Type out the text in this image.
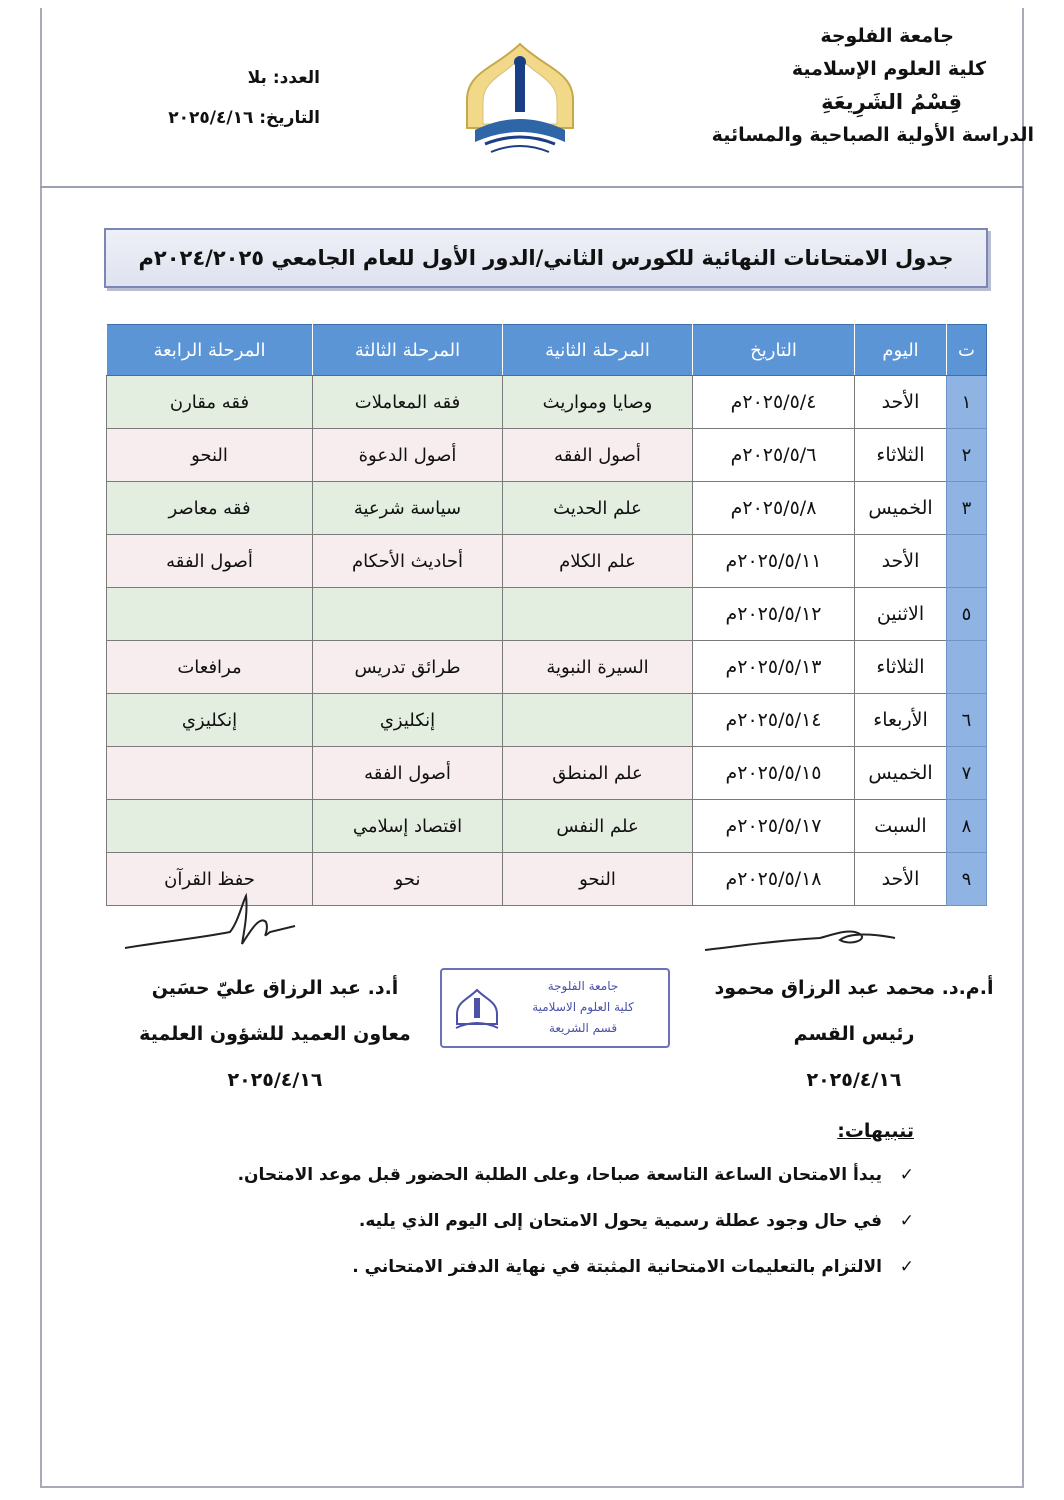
جامعة الفلوجة
كلية العلوم الإسلامية
قِسْمُ الشَرِيعَةِ
الدراسة الأولية الصباحية والمسائية
العدد: بلا
التاريخ: ٢٠٢٥/٤/١٦
جدول الامتحانات النهائية للكورس الثاني/الدور الأول للعام الجامعي ٢٠٢٤/٢٠٢٥م
ت	اليوم	التاريخ	المرحلة الثانية	المرحلة الثالثة	المرحلة الرابعة
١	الأحد	٢٠٢٥/٥/٤م	وصايا ومواريث	فقه المعاملات	فقه مقارن
٢	الثلاثاء	٢٠٢٥/٥/٦م	أصول الفقه	أصول الدعوة	النحو
٣	الخميس	٢٠٢٥/٥/٨م	علم الحديث	سياسة شرعية	فقه معاصر
	الأحد	٢٠٢٥/٥/١١م	علم الكلام	أحاديث الأحكام	أصول الفقه
٥	الاثنين	٢٠٢٥/٥/١٢م			
	الثلاثاء	٢٠٢٥/٥/١٣م	السيرة النبوية	طرائق تدريس	مرافعات
٦	الأربعاء	٢٠٢٥/٥/١٤م		إنكليزي	إنكليزي
٧	الخميس	٢٠٢٥/٥/١٥م	علم المنطق	أصول الفقه	
٨	السبت	٢٠٢٥/٥/١٧م	علم النفس	اقتصاد إسلامي	
٩	الأحد	٢٠٢٥/٥/١٨م	النحو	نحو	حفظ القرآن
أ.م.د. محمد عبد الرزاق محمود
رئيس القسم
٢٠٢٥/٤/١٦
أ.د. عبد الرزاق عليّ حسَين
معاون العميد للشؤون العلمية
٢٠٢٥/٤/١٦
جامعة الفلوجة
كلية العلوم الاسلامية
قسم الشريعة
تنبيهات:
✓يبدأ الامتحان الساعة التاسعة صباحا، وعلى الطلبة الحضور قبل موعد الامتحان.
✓في حال وجود عطلة رسمية يحول الامتحان إلى اليوم الذي يليه.
✓الالتزام بالتعليمات الامتحانية المثبتة في نهاية الدفتر الامتحاني .
